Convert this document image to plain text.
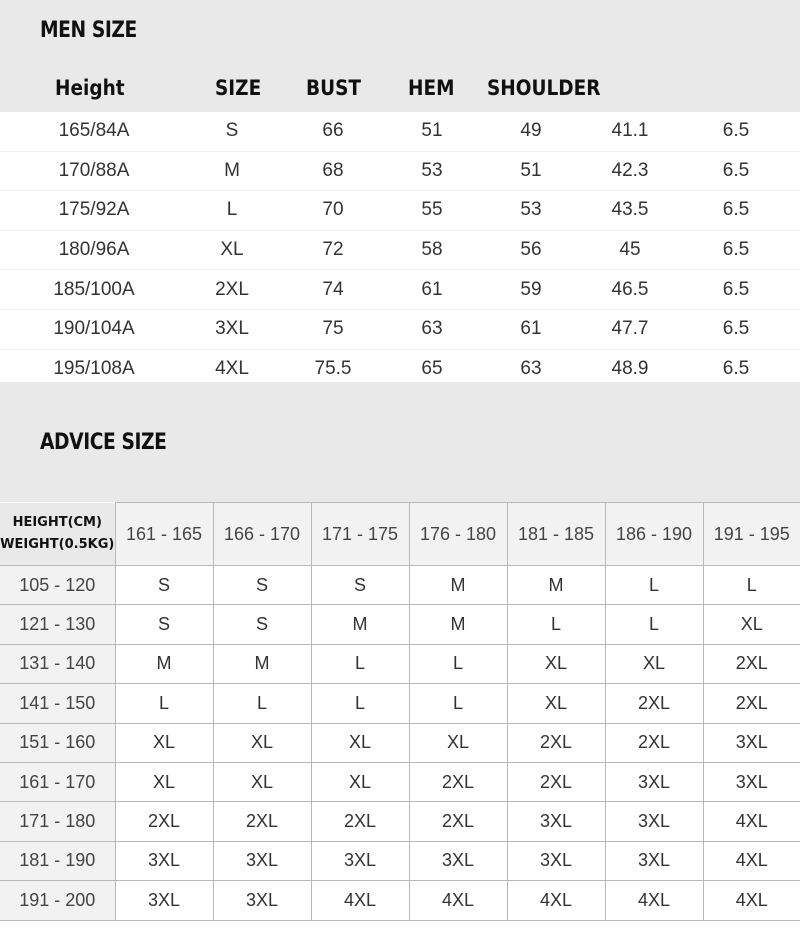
MEN SIZE
Height	SIZE BUST HEM SHOULDER
165/84A	S	66	51	49	41.1	6.5
170/88A	M	68	53	51	42.3	6.5
175/92A	L	70	55	53	43.5	6.5
180/96A	XL	72	58	56	45	6.5
185/100A	2XL	74	61	59	46.5	6.5
190/104A	3XL	75	63	61	47.7	6.5
195/108A	4XL	75.5	65	63	48.9	6.5
ADVICE SIZE
HEIGHT(CM)
WEIGHT(0.5KG)	161 - 165	166 - 170	171 - 175	176 - 180	181 - 185	186 - 190	191 - 195
105 - 120	S	S	S	M	M	L	L
121 - 130	S	S	M	M	L	L	XL
131 - 140	M	M	L	L	XL	XL	2XL
141 - 150	L	L	L	L	XL	2XL	2XL
151 - 160	XL	XL	XL	XL	2XL	2XL	3XL
161 - 170	XL	XL	XL	2XL	2XL	3XL	3XL
171 - 180	2XL	2XL	2XL	2XL	3XL	3XL	4XL
181 - 190	3XL	3XL	3XL	3XL	3XL	3XL	4XL
191 - 200	3XL	3XL	4XL	4XL	4XL	4XL	4XL
